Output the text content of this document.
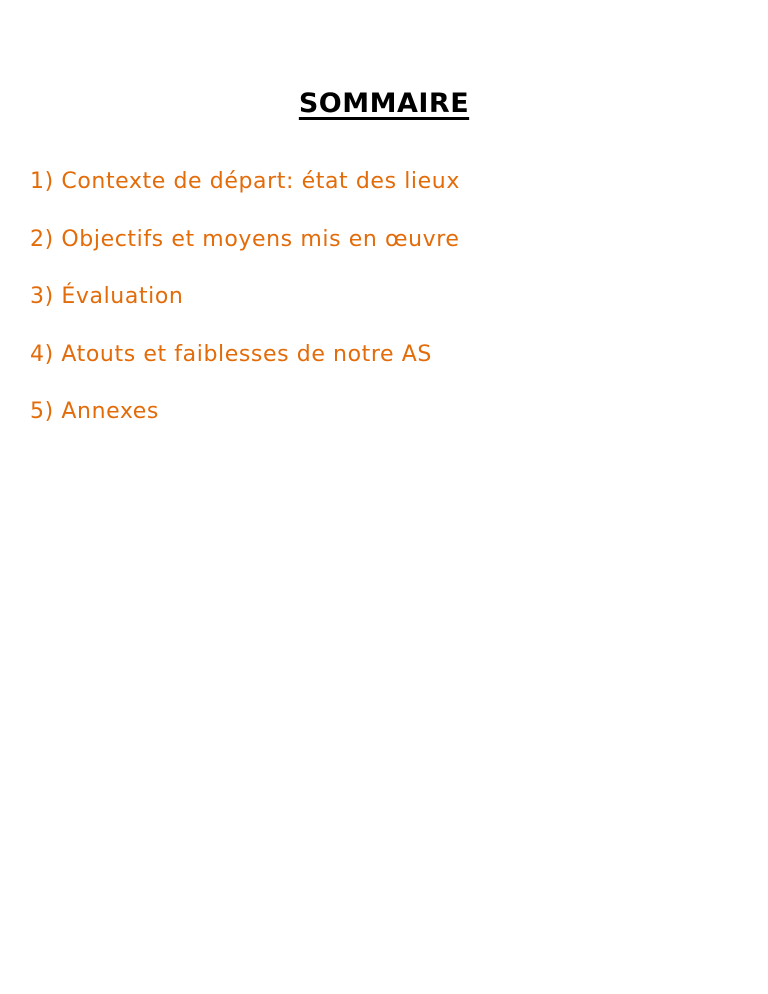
SOMMAIRE
1) Contexte de départ: état des lieux
2) Objectifs et moyens mis en œuvre
3) Évaluation
4) Atouts et faiblesses de notre AS
5) Annexes
